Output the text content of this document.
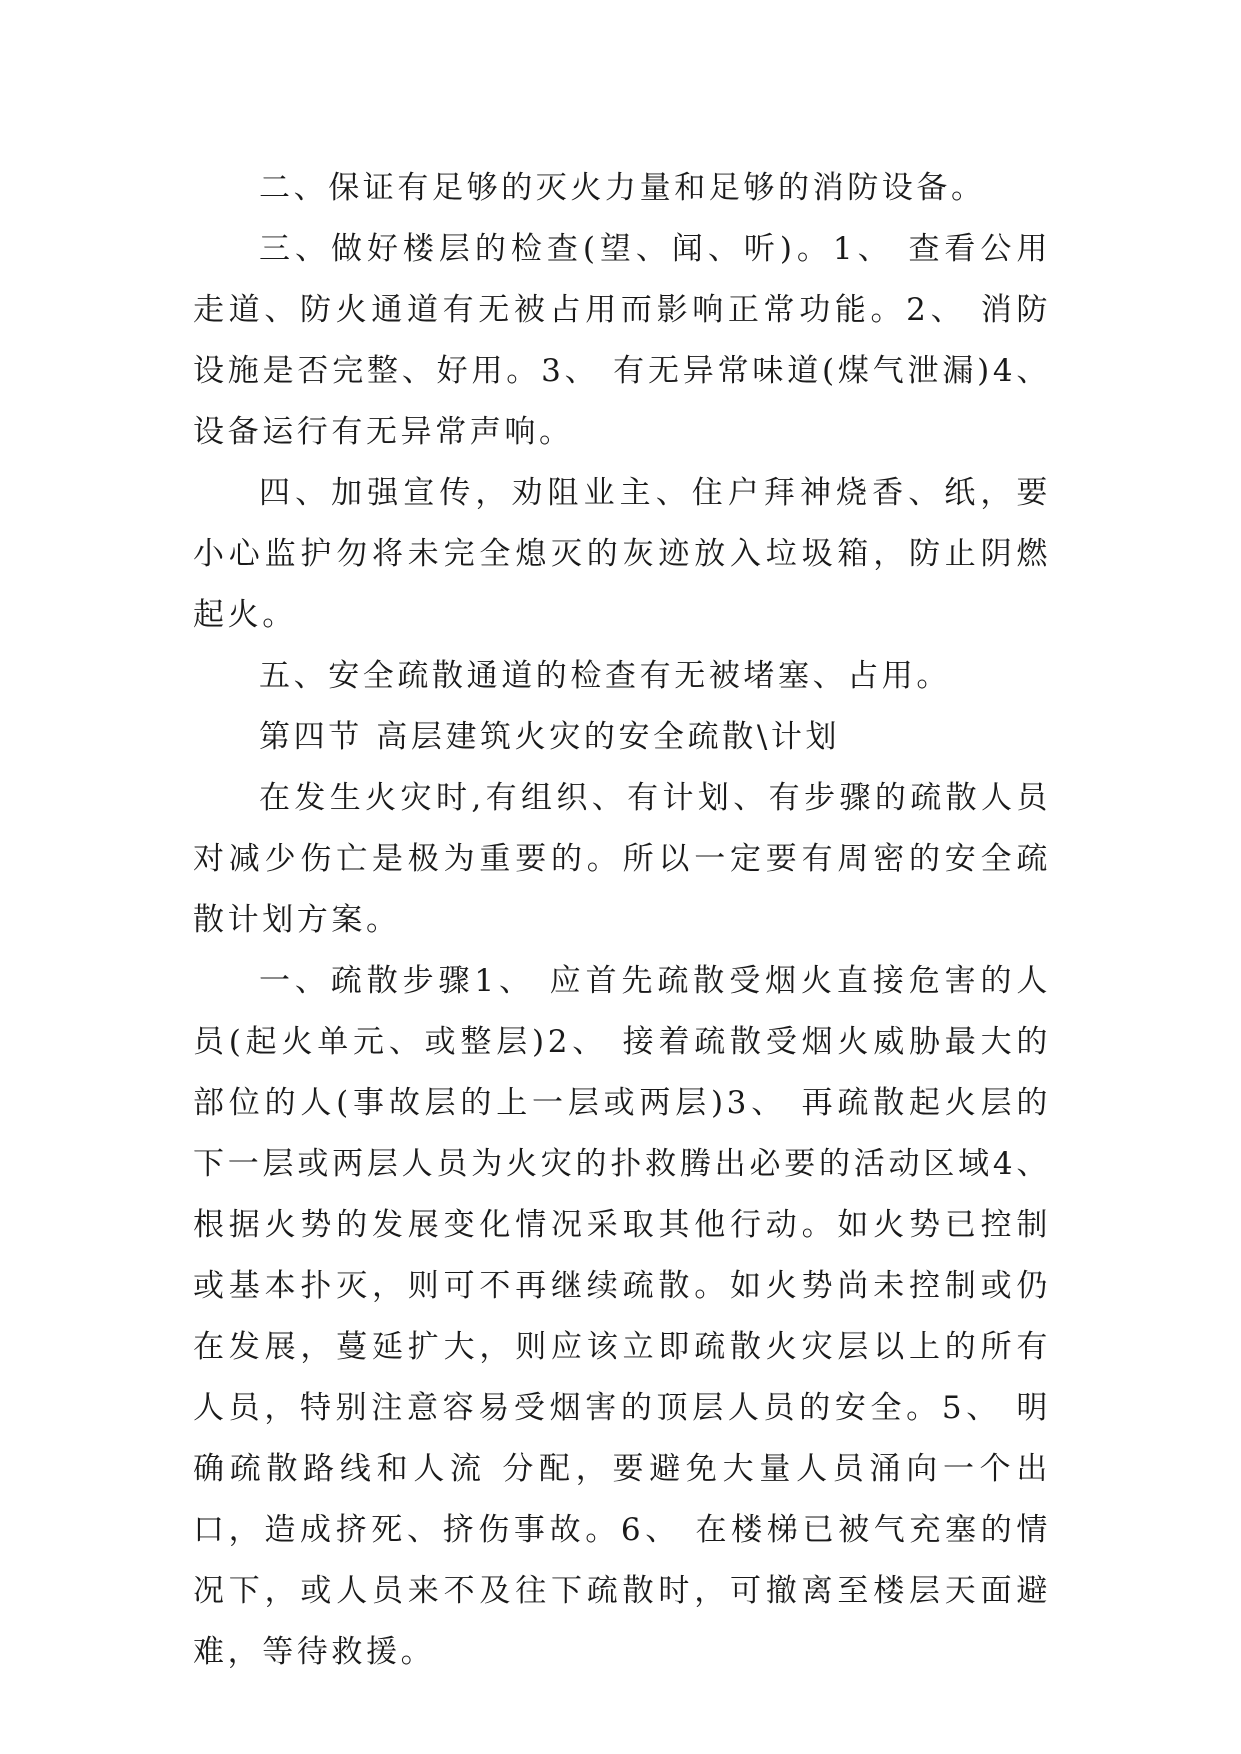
二、保证有足够的灭火力量和足够的消防设备。

三、做好楼层的检查(望、闻、听)。1、 查看公用走道、防火通道有无被占用而影响正常功能。2、 消防设施是否完整、好用。3、 有无异常味道(煤气泄漏)4、 设备运行有无异常声响。

四、加强宣传，劝阻业主、住户拜神烧香、纸，要小心监护勿将未完全熄灭的灰迹放入垃圾箱，防止阴燃起火。

五、安全疏散通道的检查有无被堵塞、占用。

第四节 高层建筑火灾的安全疏散\计划

在发生火灾时,有组织、有计划、有步骤的疏散人员对减少伤亡是极为重要的。所以一定要有周密的安全疏散计划方案。

一、疏散步骤1、 应首先疏散受烟火直接危害的人员(起火单元、或整层)2、 接着疏散受烟火威胁最大的部位的人(事故层的上一层或两层)3、 再疏散起火层的下一层或两层人员为火灾的扑救腾出必要的活动区域4、 根据火势的发展变化情况采取其他行动。如火势已控制或基本扑灭，则可不再继续疏散。如火势尚未控制或仍在发展，蔓延扩大，则应该立即疏散火灾层以上的所有人员，特别注意容易受烟害的顶层人员的安全。5、 明确疏散路线和人流 分配，要避免大量人员涌向一个出口，造成挤死、挤伤事故。6、 在楼梯已被气充塞的情况下，或人员来不及往下疏散时，可撤离至楼层天面避难，等待救援。
